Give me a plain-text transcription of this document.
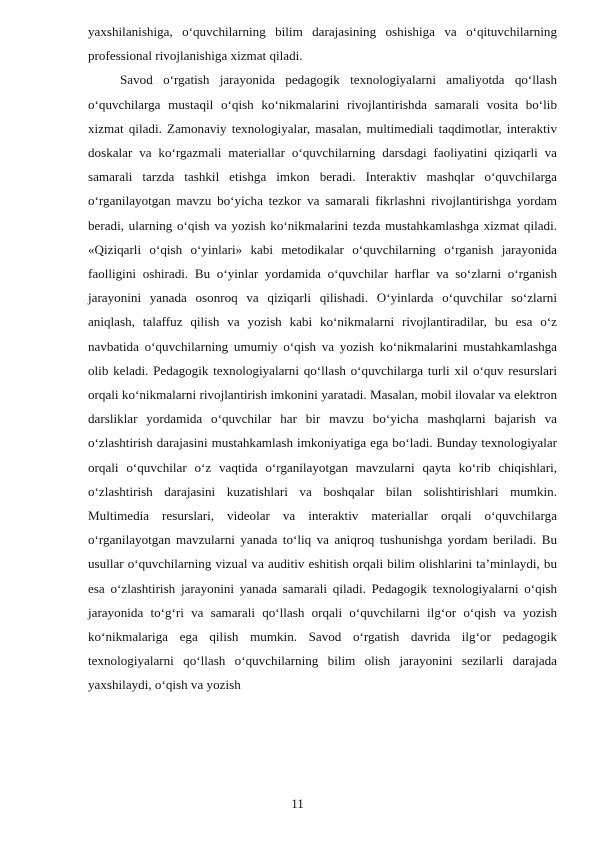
yaxshilanishiga, o‘quvchilarning bilim darajasining oshishiga va o‘qituvchilarning professional rivojlanishiga xizmat qiladi.

Savod o‘rgatish jarayonida pedagogik texnologiyalarni amaliyotda qo‘llash o‘quvchilarga mustaqil o‘qish ko‘nikmalarini rivojlantirishda samarali vosita bo‘lib xizmat qiladi. Zamonaviy texnologiyalar, masalan, multimediali taqdimotlar, interaktiv doskalar va ko‘rgazmali materiallar o‘quvchilarning darsdagi faoliyatini qiziqarli va samarali tarzda tashkil etishga imkon beradi. Interaktiv mashqlar o‘quvchilarga o‘rganilayotgan mavzu bo‘yicha tezkor va samarali fikrlashni rivojlantirishga yordam beradi, ularning o‘qish va yozish ko‘nikmalarini tezda mustahkamlashga xizmat qiladi. «Qiziqarli o‘qish o‘yinlari» kabi metodikalar o‘quvchilarning o‘rganish jarayonida faolligini oshiradi. Bu o‘yinlar yordamida o‘quvchilar harflar va so‘zlarni o‘rganish jarayonini yanada osonroq va qiziqarli qilishadi. O‘yinlarda o‘quvchilar so‘zlarni aniqlash, talaffuz qilish va yozish kabi ko‘nikmalarni rivojlantiradilar, bu esa o‘z navbatida o‘quvchilarning umumiy o‘qish va yozish ko‘nikmalarini mustahkamlashga olib keladi. Pedagogik texnologiyalarni qo‘llash o‘quvchilarga turli xil o‘quv resurslari orqali ko‘nikmalarni rivojlantirish imkonini yaratadi. Masalan, mobil ilovalar va elektron darsliklar yordamida o‘quvchilar har bir mavzu bo‘yicha mashqlarni bajarish va o‘zlashtirish darajasini mustahkamlash imkoniyatiga ega bo‘ladi. Bunday texnologiyalar orqali o‘quvchilar o‘z vaqtida o‘rganilayotgan mavzularni qayta ko‘rib chiqishlari, o‘zlashtirish darajasini kuzatishlari va boshqalar bilan solishtirishlari mumkin. Multimedia resurslari, videolar va interaktiv materiallar orqali o‘quvchilarga o‘rganilayotgan mavzularni yanada to‘liq va aniqroq tushunishga yordam beriladi. Bu usullar o‘quvchilarning vizual va auditiv eshitish orqali bilim olishlarini ta’minlaydi, bu esa o‘zlashtirish jarayonini yanada samarali qiladi. Pedagogik texnologiyalarni o‘qish jarayonida to‘g‘ri va samarali qo‘llash orqali o‘quvchilarni ilg‘or o‘qish va yozish ko‘nikmalariga ega qilish mumkin. Savod o‘rgatish davrida ilg‘or pedagogik texnologiyalarni qo‘llash o‘quvchilarning bilim olish jarayonini sezilarli darajada yaxshilaydi, o‘qish va yozish

11
